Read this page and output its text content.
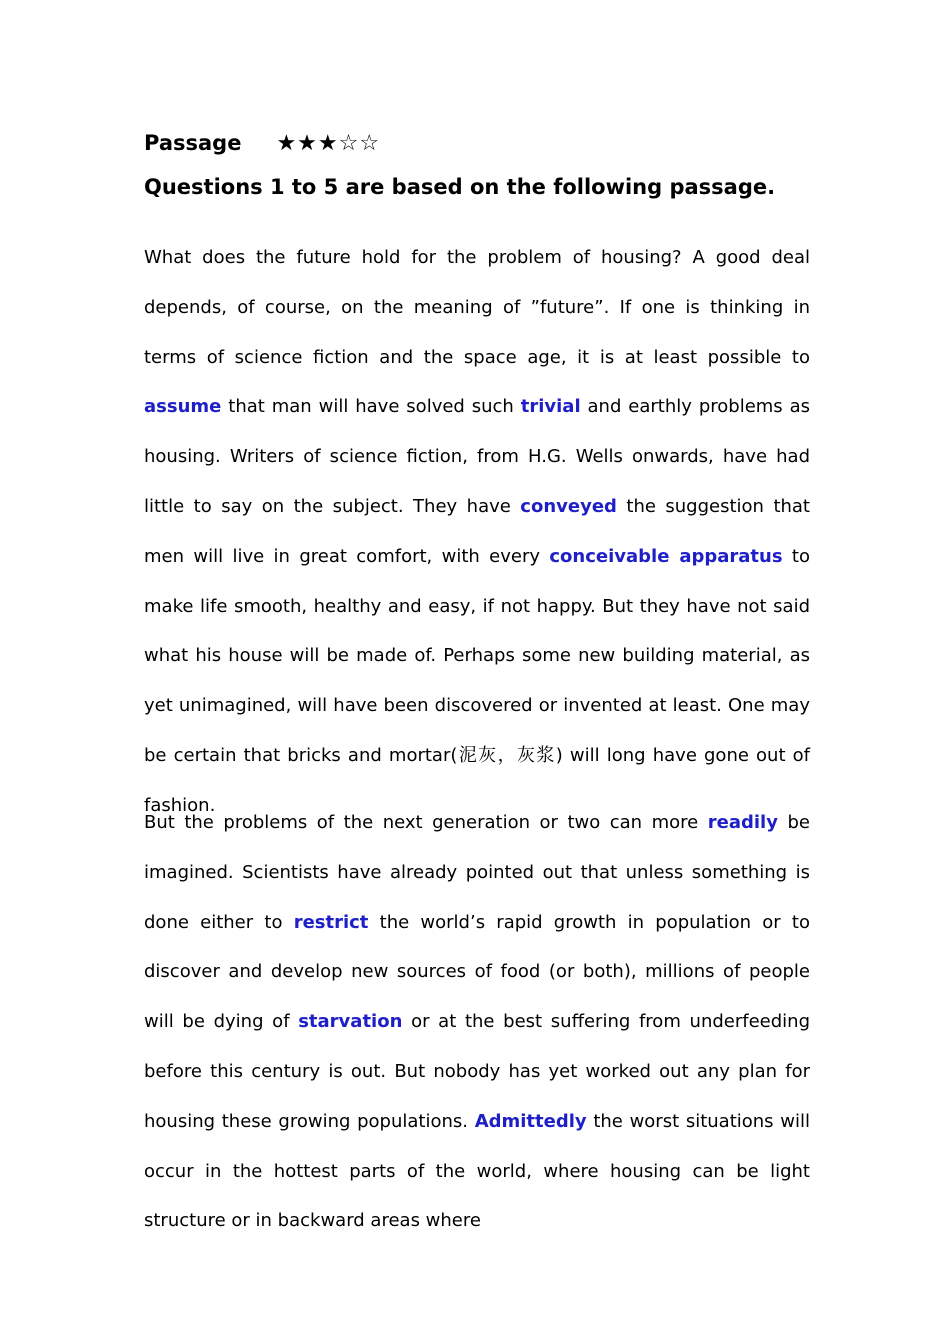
Passage ★★★☆☆
Questions 1 to 5 are based on the following passage.

What does the future hold for the problem of housing? A good deal depends, of course, on the meaning of ”future”. If one is thinking in terms of science fiction and the space age, it is at least possible to assume that man will have solved such trivial and earthly problems as housing. Writers of science fiction, from H.G. Wells onwards, have had little to say on the subject. They have conveyed the suggestion that men will live in great comfort, with every conceivable apparatus to make life smooth, healthy and easy, if not happy. But they have not said what his house will be made of. Perhaps some new building material, as yet unimagined, will have been discovered or invented at least. One may be certain that bricks and mortar(泥灰，灰浆) will long have gone out of fashion.

But the problems of the next generation or two can more readily be imagined. Scientists have already pointed out that unless something is done either to restrict the world’s rapid growth in population or to discover and develop new sources of food (or both), millions of people will be dying of starvation or at the best suffering from underfeeding before this century is out. But nobody has yet worked out any plan for housing these growing populations. Admittedly the worst situations will occur in the hottest parts of the world, where housing can be light structure or in backward areas where
